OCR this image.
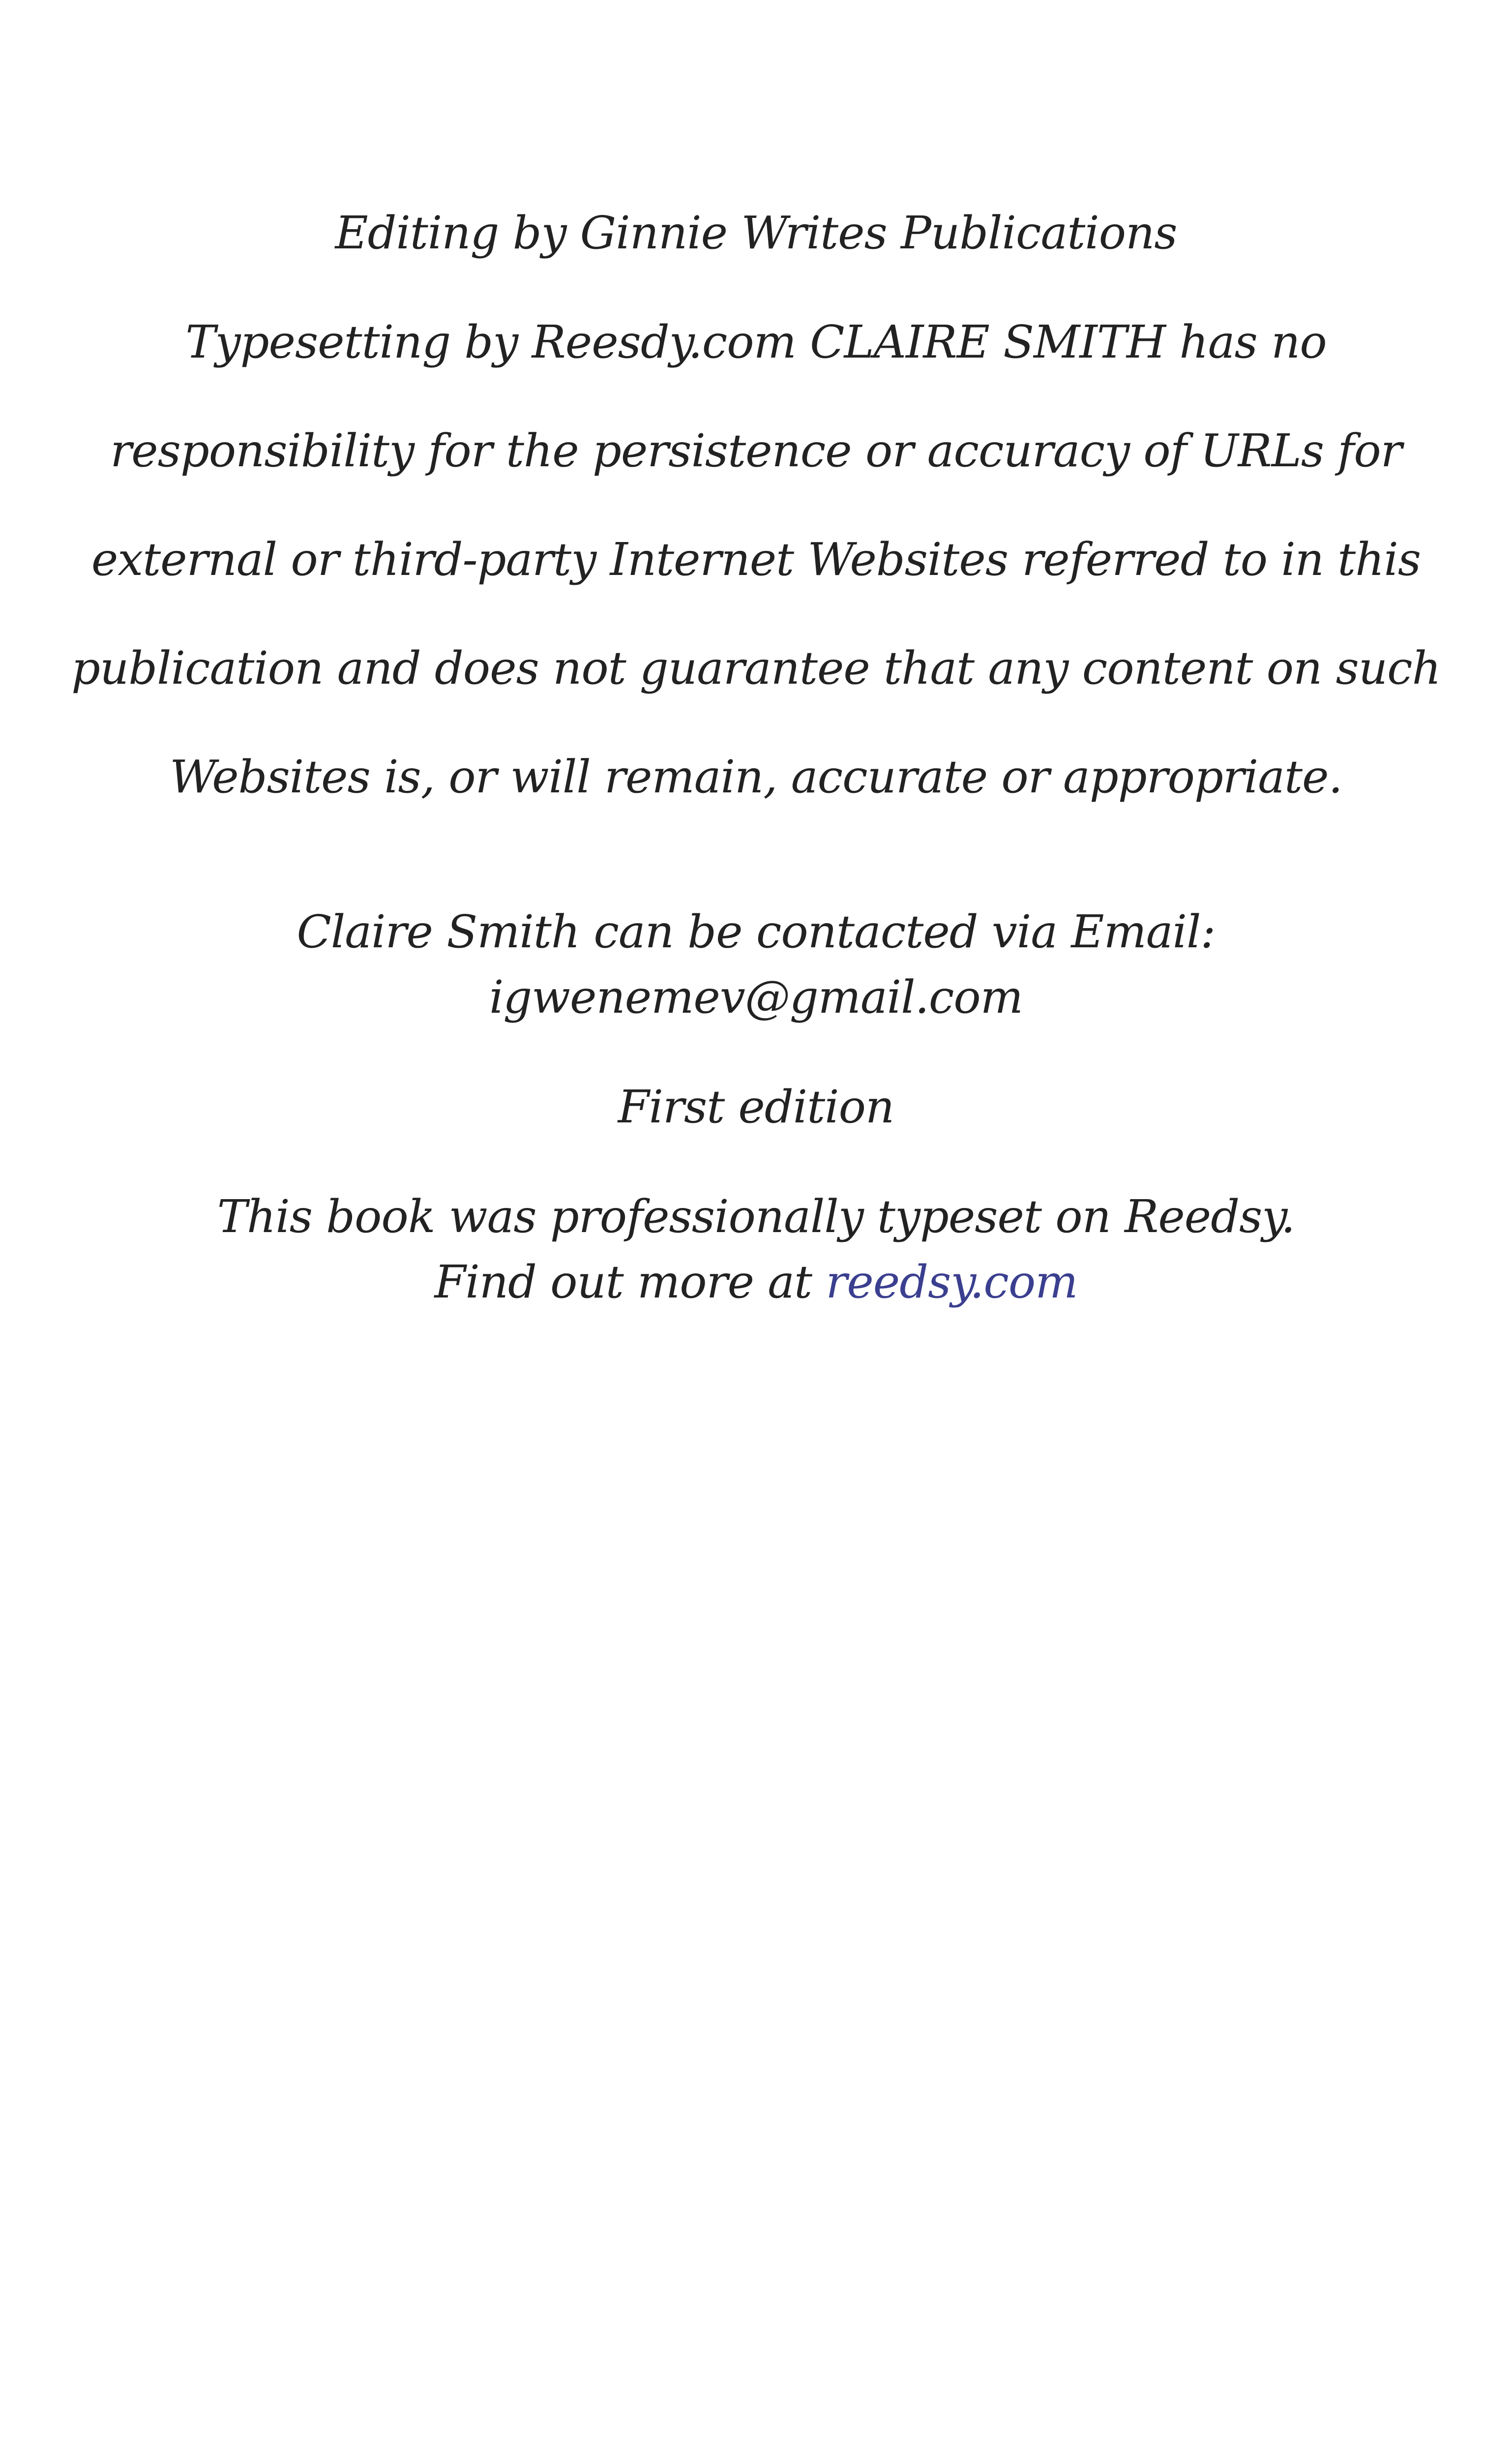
Editing by Ginnie Writes Publications
Typesetting by Reesdy.com CLAIRE SMITH has no
responsibility for the persistence or accuracy of URLs for
external or third-party Internet Websites referred to in this
publication and does not guarantee that any content on such
Websites is, or will remain, accurate or appropriate.
Claire Smith can be contacted via Email:
igwenemev@gmail.com
First edition
This book was professionally typeset on Reedsy.
Find out more at reedsy.com
